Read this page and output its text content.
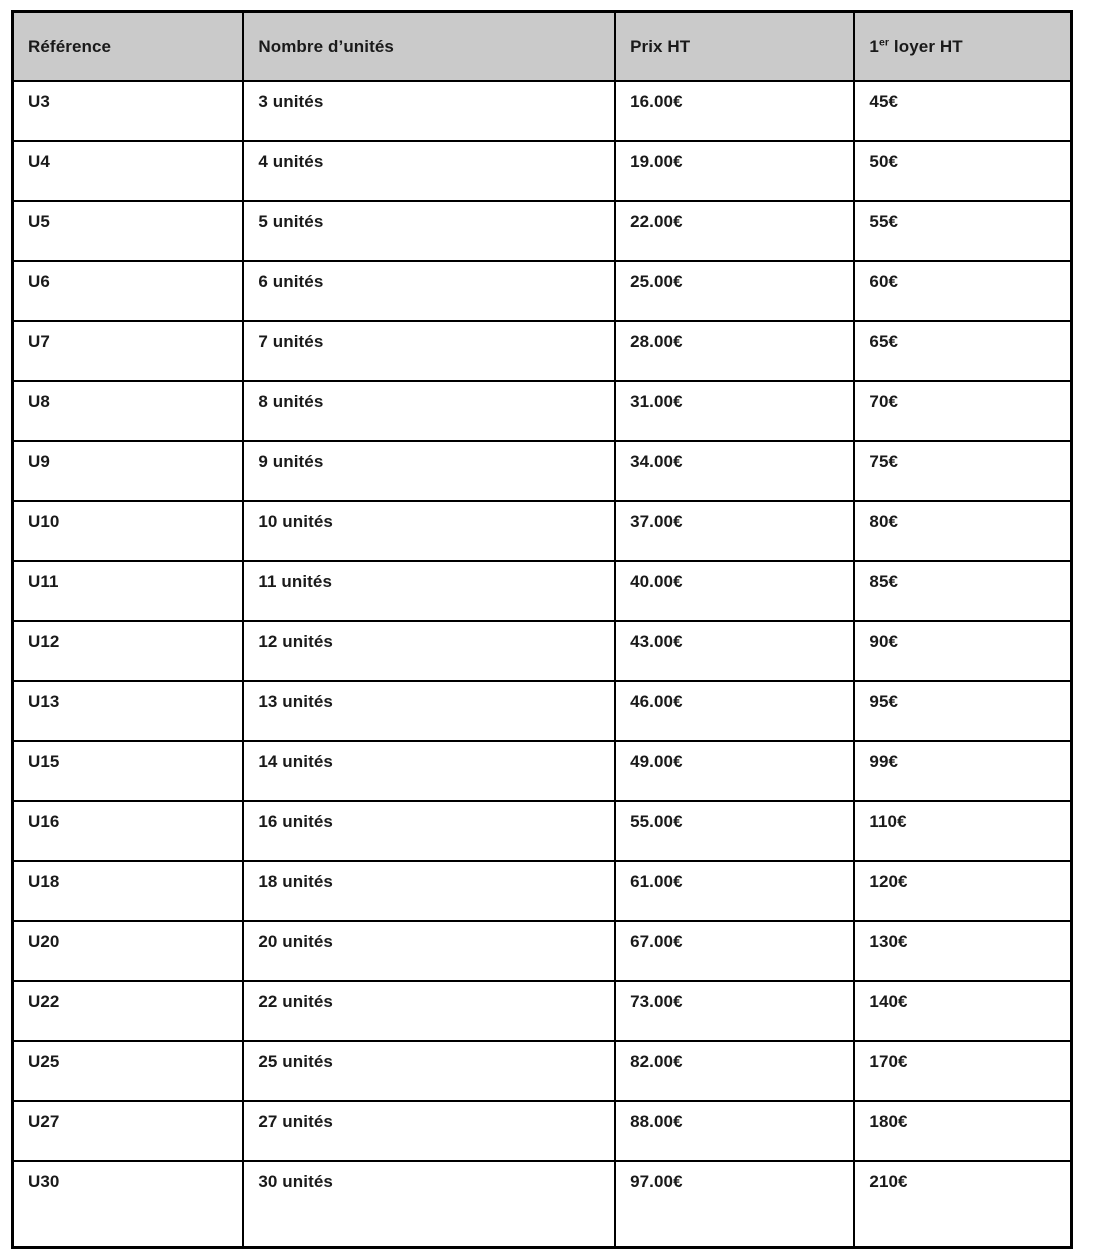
Référence	Nombre d’unités	Prix HT	1er loyer HT
U3	3 unités	16.00€	45€
U4	4 unités	19.00€	50€
U5	5 unités	22.00€	55€
U6	6 unités	25.00€	60€
U7	7 unités	28.00€	65€
U8	8 unités	31.00€	70€
U9	9 unités	34.00€	75€
U10	10 unités	37.00€	80€
U11	11 unités	40.00€	85€
U12	12 unités	43.00€	90€
U13	13 unités	46.00€	95€
U15	14 unités	49.00€	99€
U16	16 unités	55.00€	110€
U18	18 unités	61.00€	120€
U20	20 unités	67.00€	130€
U22	22 unités	73.00€	140€
U25	25 unités	82.00€	170€
U27	27 unités	88.00€	180€
U30	30 unités	97.00€	210€
